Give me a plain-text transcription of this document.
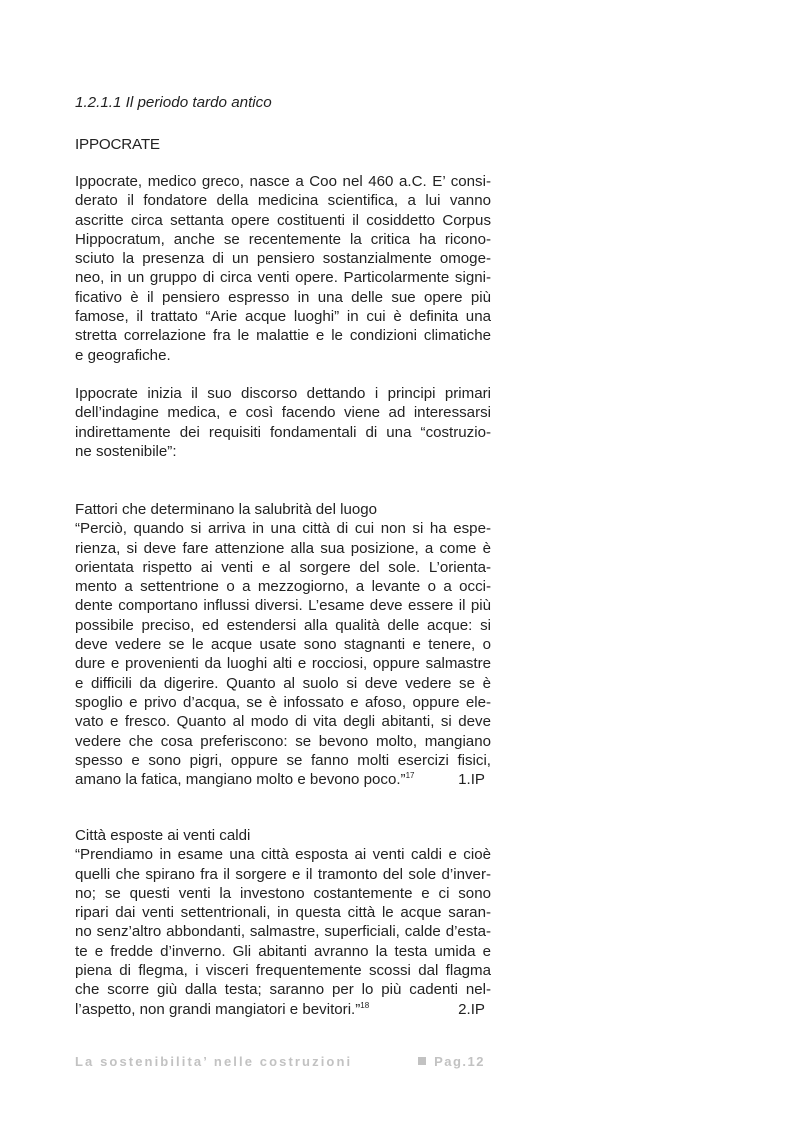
1.2.1.1 Il periodo tardo antico
IPPOCRATE
Ippocrate, medico greco, nasce a Coo nel 460 a.C. E’ consi-
derato il fondatore della medicina scientifica, a lui vanno
ascritte circa settanta opere costituenti il cosiddetto Corpus
Hippocratum, anche se recentemente la critica ha ricono-
sciuto la presenza di un pensiero sostanzialmente omoge-
neo, in un gruppo di circa venti opere. Particolarmente signi-
ficativo è il pensiero espresso in una delle sue opere più
famose, il trattato “Arie acque luoghi” in cui è definita una
stretta correlazione fra le malattie e le condizioni climatiche
e geografiche.
Ippocrate inizia il suo discorso dettando i principi primari
dell’indagine medica, e così facendo viene ad interessarsi
indirettamente dei requisiti fondamentali di una “costruzio-
ne sostenibile”:
Fattori che determinano la salubrità del luogo
“Perciò, quando si arriva in una città di cui non si ha espe-
rienza, si deve fare attenzione alla sua posizione, a come è
orientata rispetto ai venti e al sorgere del sole. L’orienta-
mento a settentrione o a mezzogiorno, a levante o a occi-
dente comportano influssi diversi. L’esame deve essere il più
possibile preciso, ed estendersi alla qualità delle acque: si
deve vedere se le acque usate sono stagnanti e tenere, o
dure e provenienti da luoghi alti e rocciosi, oppure salmastre
e difficili da digerire. Quanto al suolo si deve vedere se è
spoglio e privo d’acqua, se è infossato e afoso, oppure ele-
vato e fresco. Quanto al modo di vita degli abitanti, si deve
vedere che cosa preferiscono: se bevono molto, mangiano
spesso e sono pigri, oppure se fanno molti esercizi fisici,
amano la fatica, mangiano molto e bevono poco.”$^{17}$	1.IP
Città esposte ai venti caldi
“Prendiamo in esame una città esposta ai venti caldi e cioè
quelli che spirano fra il sorgere e il tramonto del sole d’inver-
no; se questi venti la investono costantemente e ci sono
ripari dai venti settentrionali, in questa città le acque saran-
no senz’altro abbondanti, salmastre, superficiali, calde d’esta-
te e fredde d’inverno. Gli abitanti avranno la testa umida e
piena di flegma, i visceri frequentemente scossi dal flagma
che scorre giù dalla testa; saranno per lo più cadenti nel-
l’aspetto, non grandi mangiatori e bevitori.”$^{18}$	2.IP
La sostenibilita’ nelle costruzioni	Pag.12
